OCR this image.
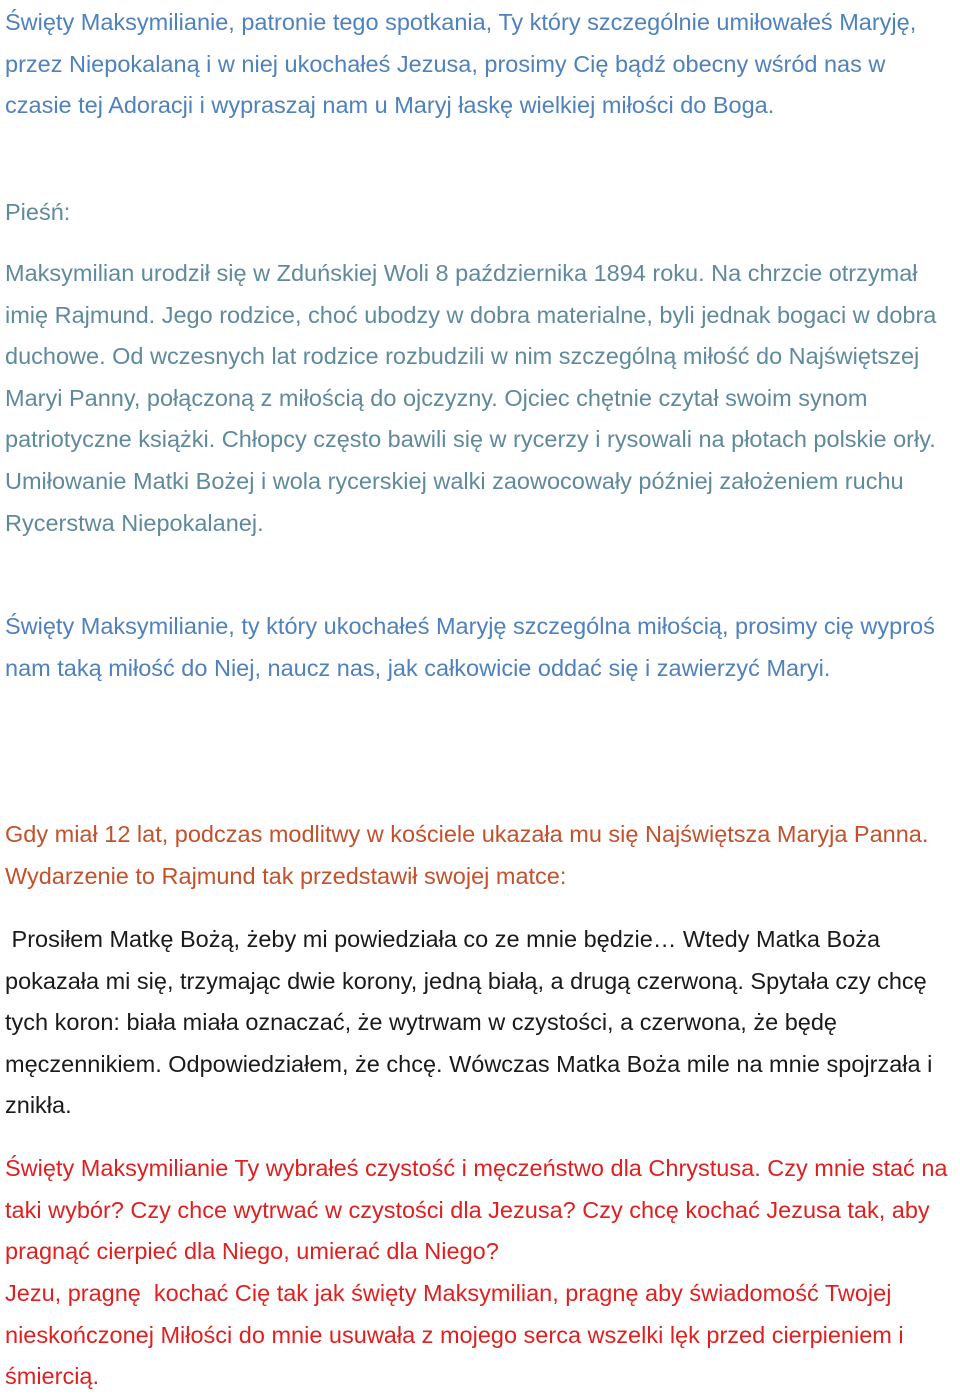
Święty Maksymilianie, patronie tego spotkania, Ty który szczególnie umiłowałeś Maryję, przez Niepokalaną i w niej ukochałeś Jezusa, prosimy Cię bądź obecny wśród nas w czasie tej Adoracji i wypraszaj nam u Maryj łaskę wielkiej miłości do Boga.

Pieśń:

Maksymilian urodził się w Zduńskiej Woli 8 października 1894 roku. Na chrzcie otrzymał imię Rajmund. Jego rodzice, choć ubodzy w dobra materialne, byli jednak bogaci w dobra duchowe. Od wczesnych lat rodzice rozbudzili w nim szczególną miłość do Najświętszej Maryi Panny, połączoną z miłością do ojczyzny. Ojciec chętnie czytał swoim synom patriotyczne książki. Chłopcy często bawili się w rycerzy i rysowali na płotach polskie orły. Umiłowanie Matki Bożej i wola rycerskiej walki zaowocowały później założeniem ruchu Rycerstwa Niepokalanej.

Święty Maksymilianie, ty który ukochałeś Maryję szczególna miłością, prosimy cię wyproś nam taką miłość do Niej, naucz nas, jak całkowicie oddać się i zawierzyć Maryi.

Gdy miał 12 lat, podczas modlitwy w kościele ukazała mu się Najświętsza Maryja Panna. Wydarzenie to Rajmund tak przedstawił swojej matce:

Prosiłem Matkę Bożą, żeby mi powiedziała co ze mnie będzie… Wtedy Matka Boża pokazała mi się, trzymając dwie korony, jedną białą, a drugą czerwoną. Spytała czy chcę tych koron: biała miała oznaczać, że wytrwam w czystości, a czerwona, że będę męczennikiem. Odpowiedziałem, że chcę. Wówczas Matka Boża mile na mnie spojrzała i znikła.

Święty Maksymilianie Ty wybrałeś czystość i męczeństwo dla Chrystusa. Czy mnie stać na taki wybór? Czy chce wytrwać w czystości dla Jezusa? Czy chcę kochać Jezusa tak, aby pragnąć cierpieć dla Niego, umierać dla Niego?

Jezu, pragnę  kochać Cię tak jak święty Maksymilian, pragnę aby świadomość Twojej nieskończonej Miłości do mnie usuwała z mojego serca wszelki lęk przed cierpieniem i śmiercią.
